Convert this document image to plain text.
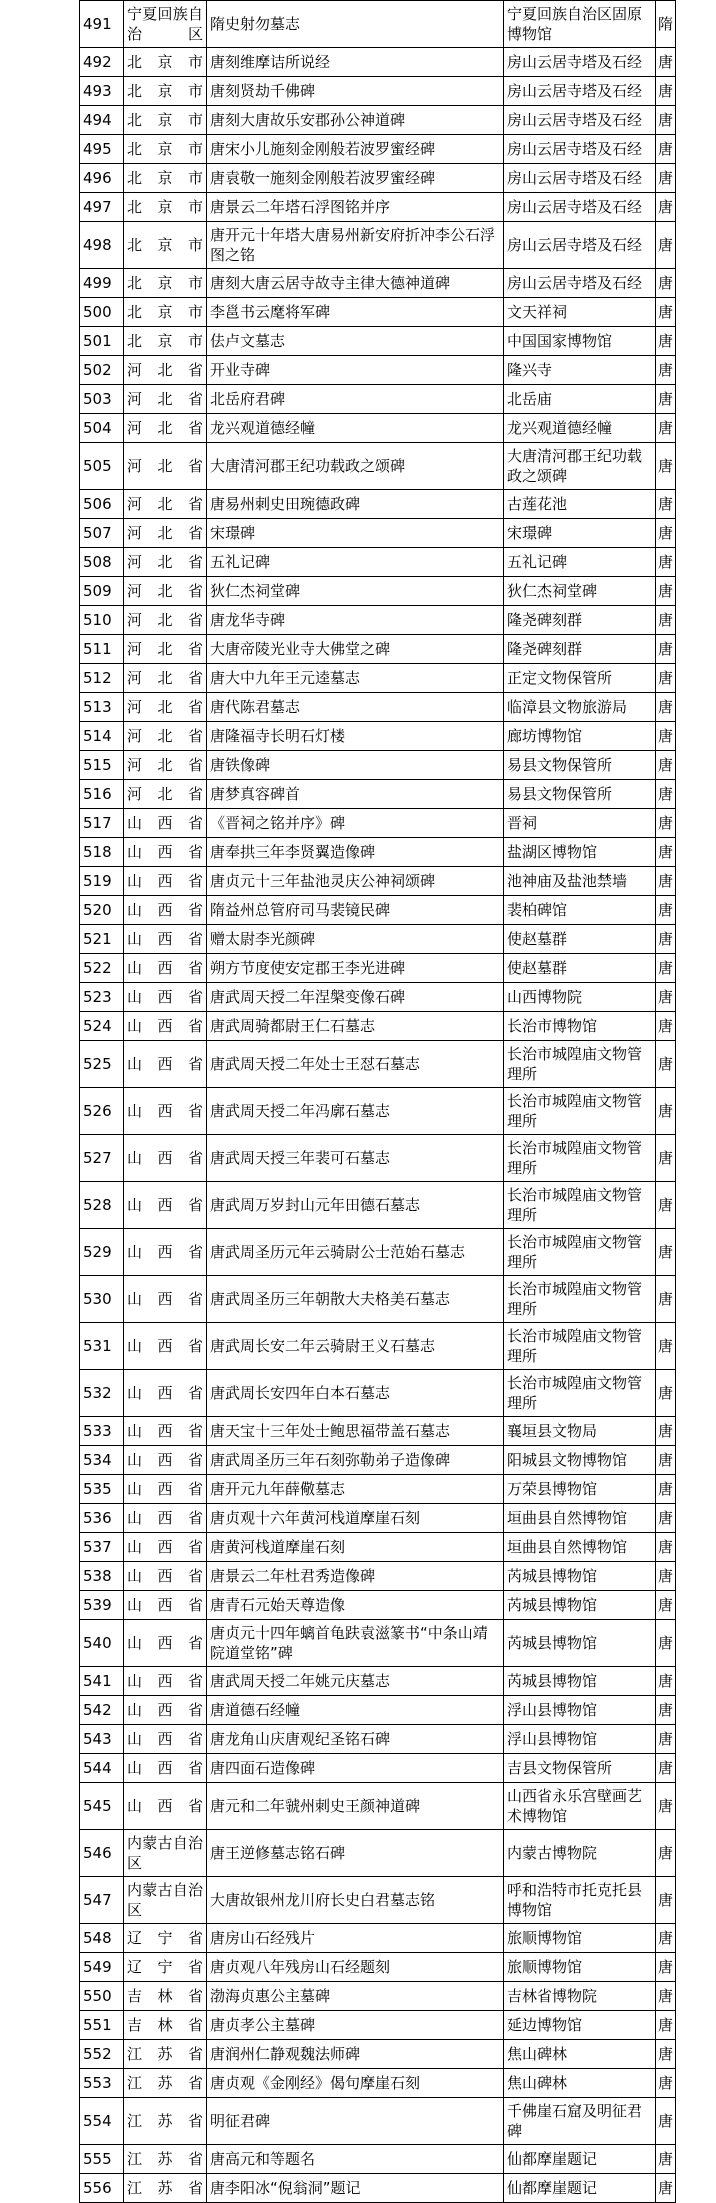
491	宁夏回族自治区	隋史射勿墓志	宁夏回族自治区固原博物馆	隋
492	北京市	唐刻维摩诘所说经	房山云居寺塔及石经	唐
493	北京市	唐刻贤劫千佛碑	房山云居寺塔及石经	唐
494	北京市	唐刻大唐故乐安郡孙公神道碑	房山云居寺塔及石经	唐
495	北京市	唐宋小儿施刻金刚般若波罗蜜经碑	房山云居寺塔及石经	唐
496	北京市	唐袁敬一施刻金刚般若波罗蜜经碑	房山云居寺塔及石经	唐
497	北京市	唐景云二年塔石浮图铭并序	房山云居寺塔及石经	唐
498	北京市	唐开元十年塔大唐易州新安府折冲李公石浮图之铭	房山云居寺塔及石经	唐
499	北京市	唐刻大唐云居寺故寺主律大德神道碑	房山云居寺塔及石经	唐
500	北京市	李邕书云麾将军碑	文天祥祠	唐
501	北京市	佉卢文墓志	中国国家博物馆	唐
502	河北省	开业寺碑	隆兴寺	唐
503	河北省	北岳府君碑	北岳庙	唐
504	河北省	龙兴观道德经幢	龙兴观道德经幢	唐
505	河北省	大唐清河郡王纪功载政之颂碑	大唐清河郡王纪功载政之颂碑	唐
506	河北省	唐易州刺史田琬德政碑	古莲花池	唐
507	河北省	宋璟碑	宋璟碑	唐
508	河北省	五礼记碑	五礼记碑	唐
509	河北省	狄仁杰祠堂碑	狄仁杰祠堂碑	唐
510	河北省	唐龙华寺碑	隆尧碑刻群	唐
511	河北省	大唐帝陵光业寺大佛堂之碑	隆尧碑刻群	唐
512	河北省	唐大中九年王元逵墓志	正定文物保管所	唐
513	河北省	唐代陈君墓志	临漳县文物旅游局	唐
514	河北省	唐隆福寺长明石灯楼	廊坊博物馆	唐
515	河北省	唐铁像碑	易县文物保管所	唐
516	河北省	唐梦真容碑首	易县文物保管所	唐
517	山西省	《晋祠之铭并序》碑	晋祠	唐
518	山西省	唐奉拱三年李贤翼造像碑	盐湖区博物馆	唐
519	山西省	唐贞元十三年盐池灵庆公神祠颂碑	池神庙及盐池禁墙	唐
520	山西省	隋益州总管府司马裴镜民碑	裴柏碑馆	唐
521	山西省	赠太尉李光颜碑	使赵墓群	唐
522	山西省	朔方节度使安定郡王李光进碑	使赵墓群	唐
523	山西省	唐武周天授二年涅槃变像石碑	山西博物院	唐
524	山西省	唐武周骑都尉王仁石墓志	长治市博物馆	唐
525	山西省	唐武周天授二年处士王怼石墓志	长治市城隍庙文物管理所	唐
526	山西省	唐武周天授二年冯廓石墓志	长治市城隍庙文物管理所	唐
527	山西省	唐武周天授三年裴可石墓志	长治市城隍庙文物管理所	唐
528	山西省	唐武周万岁封山元年田德石墓志	长治市城隍庙文物管理所	唐
529	山西省	唐武周圣历元年云骑尉公士范始石墓志	长治市城隍庙文物管理所	唐
530	山西省	唐武周圣历三年朝散大夫格美石墓志	长治市城隍庙文物管理所	唐
531	山西省	唐武周长安二年云骑尉王义石墓志	长治市城隍庙文物管理所	唐
532	山西省	唐武周长安四年白本石墓志	长治市城隍庙文物管理所	唐
533	山西省	唐天宝十三年处士鲍思福带盖石墓志	襄垣县文物局	唐
534	山西省	唐武周圣历三年石刻弥勒弟子造像碑	阳城县文物博物馆	唐
535	山西省	唐开元九年薛儆墓志	万荣县博物馆	唐
536	山西省	唐贞观十六年黄河栈道摩崖石刻	垣曲县自然博物馆	唐
537	山西省	唐黄河栈道摩崖石刻	垣曲县自然博物馆	唐
538	山西省	唐景云二年杜君秀造像碑	芮城县博物馆	唐
539	山西省	唐青石元始天尊造像	芮城县博物馆	唐
540	山西省	唐贞元十四年螭首龟趺袁滋篆书“中条山靖院道堂铭”碑	芮城县博物馆	唐
541	山西省	唐武周天授二年姚元庆墓志	芮城县博物馆	唐
542	山西省	唐道德石经幢	浮山县博物馆	唐
543	山西省	唐龙角山庆唐观纪圣铭石碑	浮山县博物馆	唐
544	山西省	唐四面石造像碑	吉县文物保管所	唐
545	山西省	唐元和二年虢州刺史王颜神道碑	山西省永乐宫壁画艺术博物馆	唐
546	内蒙古自治区	唐王逆修墓志铭石碑	内蒙古博物院	唐
547	内蒙古自治区	大唐故银州龙川府长史白君墓志铭	呼和浩特市托克托县博物馆	唐
548	辽宁省	唐房山石经残片	旅顺博物馆	唐
549	辽宁省	唐贞观八年残房山石经题刻	旅顺博物馆	唐
550	吉林省	渤海贞惠公主墓碑	吉林省博物院	唐
551	吉林省	唐贞孝公主墓碑	延边博物馆	唐
552	江苏省	唐润州仁静观魏法师碑	焦山碑林	唐
553	江苏省	唐贞观《金刚经》偈句摩崖石刻	焦山碑林	唐
554	江苏省	明征君碑	千佛崖石窟及明征君碑	唐
555	江苏省	唐高元和等题名	仙都摩崖题记	唐
556	江苏省	唐李阳冰“倪翁洞”题记	仙都摩崖题记	唐
